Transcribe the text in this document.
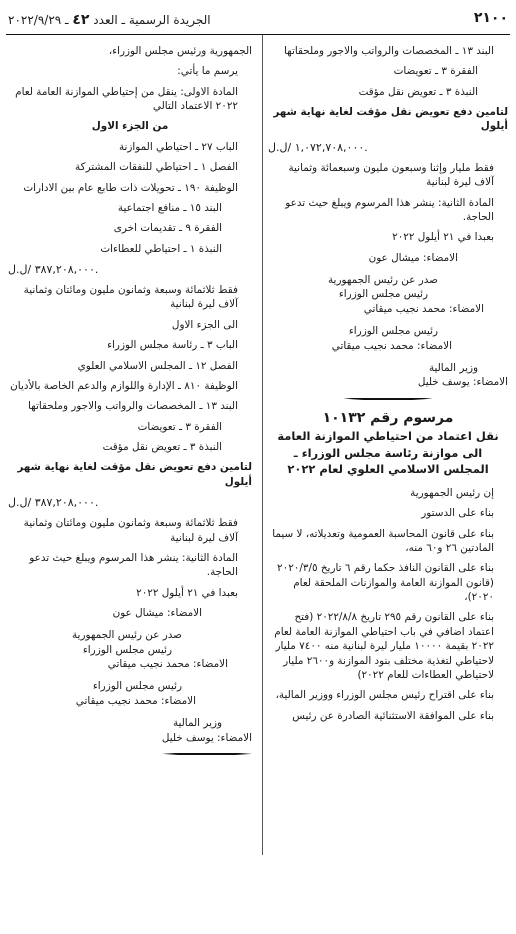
٢١٠٠
الجريدة الرسمية ـ العدد ٤٢ ـ ٢٠٢٢/٩/٢٩

البند ١٣ ـ المخصصات والرواتب والاجور وملحقاتها

الفقرة ٣ ـ تعويضات

النبذة ٣ ـ تعويض نقل مؤقت

لتامين دفع تعويض نقل مؤقت لغاية نهاية شهر أيلول

١,٠٧٢,٧٠٨,٠٠٠ /ل.ل.

فقط مليار وإثنا وسبعون مليون وسبعمائة وثمانية آلاف ليرة لبنانية

المادة الثانية: ينشر هذا المرسوم ويبلغ حيث تدعو الحاجة.

بعبدا في ٢١ أيلول ٢٠٢٢

الامضاء: ميشال عون

صدر عن رئيس الجمهورية

رئيس مجلس الوزراء

الامضاء: محمد نجيب ميقاتي

رئيس مجلس الوزراء

الامضاء: محمد نجيب ميقاتي

وزير المالية

الامضاء: يوسف خليل

مرسوم رقم ١٠١٣٢
نقل اعتماد من احتياطي الموازنة العامة
الى موازنة رئاسة مجلس الوزراء ـ
المجلس الاسلامي العلوي لعام ٢٠٢٢

إن رئيس الجمهورية

بناء على الدستور

بناء على قانون المحاسبة العمومية وتعديلاته، لا سيما المادتين ٢٦ و٦٠ منه،

بناء على القانون النافذ حكما رقم ٦ تاريخ ٢٠٢٠/٣/٥ (قانون الموازنة العامة والموازنات الملحقة لعام ٢٠٢٠)،

بناء على القانون رقم ٢٩٥ تاريخ ٢٠٢٢/٨/٨ (فتح اعتماد اضافي في باب احتياطي الموازنة العامة لعام ٢٠٢٢ بقيمة ١٠٠٠٠ مليار ليرة لبنانية منه ٧٤٠٠ مليار لاحتياطي لتغذية مختلف بنود الموازنة و٢٦٠٠ مليار لاحتياطي العطاءات للعام ٢٠٢٢)

بناء على اقتراح رئيس مجلس الوزراء ووزير المالية،

بناء على الموافقة الاستثنائية الصادرة عن رئيس

الجمهورية ورئيس مجلس الوزراء،

يرسم ما يأتي:

المادة الاولى: ينقل من إحتياطي الموازنة العامة لعام ٢٠٢٢ الاعتماد التالي

من الجزء الاول

الباب ٢٧ ـ احتياطي الموازنة

الفصل ١ ـ احتياطي للنفقات المشتركة

الوظيفة ١٩٠ ـ تحويلات ذات طابع عام بين الادارات

البند ١٥ ـ منافع اجتماعية

الفقرة ٩ ـ تقديمات اخرى

النبذة ١ ـ احتياطي للعطاءات

٣٨٧,٢٠٨,٠٠٠ /ل.ل.

فقط ثلاثمائة وسبعة وثمانون مليون ومائتان وثمانية آلاف ليرة لبنانية

الى الجزء الاول

الباب ٣ ـ رئاسة مجلس الوزراء

الفصل ١٢ ـ المجلس الاسلامي العلوي

الوظيفة ٨١٠ ـ الإدارة واللوازم والدعم الخاصة بالأديان

البند ١٣ ـ المخصصات والرواتب والاجور وملحقاتها

الفقرة ٣ ـ تعويضات

النبذة ٣ ـ تعويض نقل مؤقت

لتامين دفع تعويض نقل مؤقت لغاية نهاية شهر أيلول

٣٨٧,٢٠٨,٠٠٠ /ل.ل.

فقط ثلاثمائة وسبعة وثمانون مليون ومائتان وثمانية آلاف ليرة لبنانية

المادة الثانية: ينشر هذا المرسوم ويبلغ حيث تدعو الحاجة.

بعبدا في ٢١ أيلول ٢٠٢٢

الامضاء: ميشال عون

صدر عن رئيس الجمهورية

رئيس مجلس الوزراء

الامضاء: محمد نجيب ميقاتي

رئيس مجلس الوزراء

الامضاء: محمد نجيب ميقاتي

وزير المالية

الامضاء: يوسف خليل
